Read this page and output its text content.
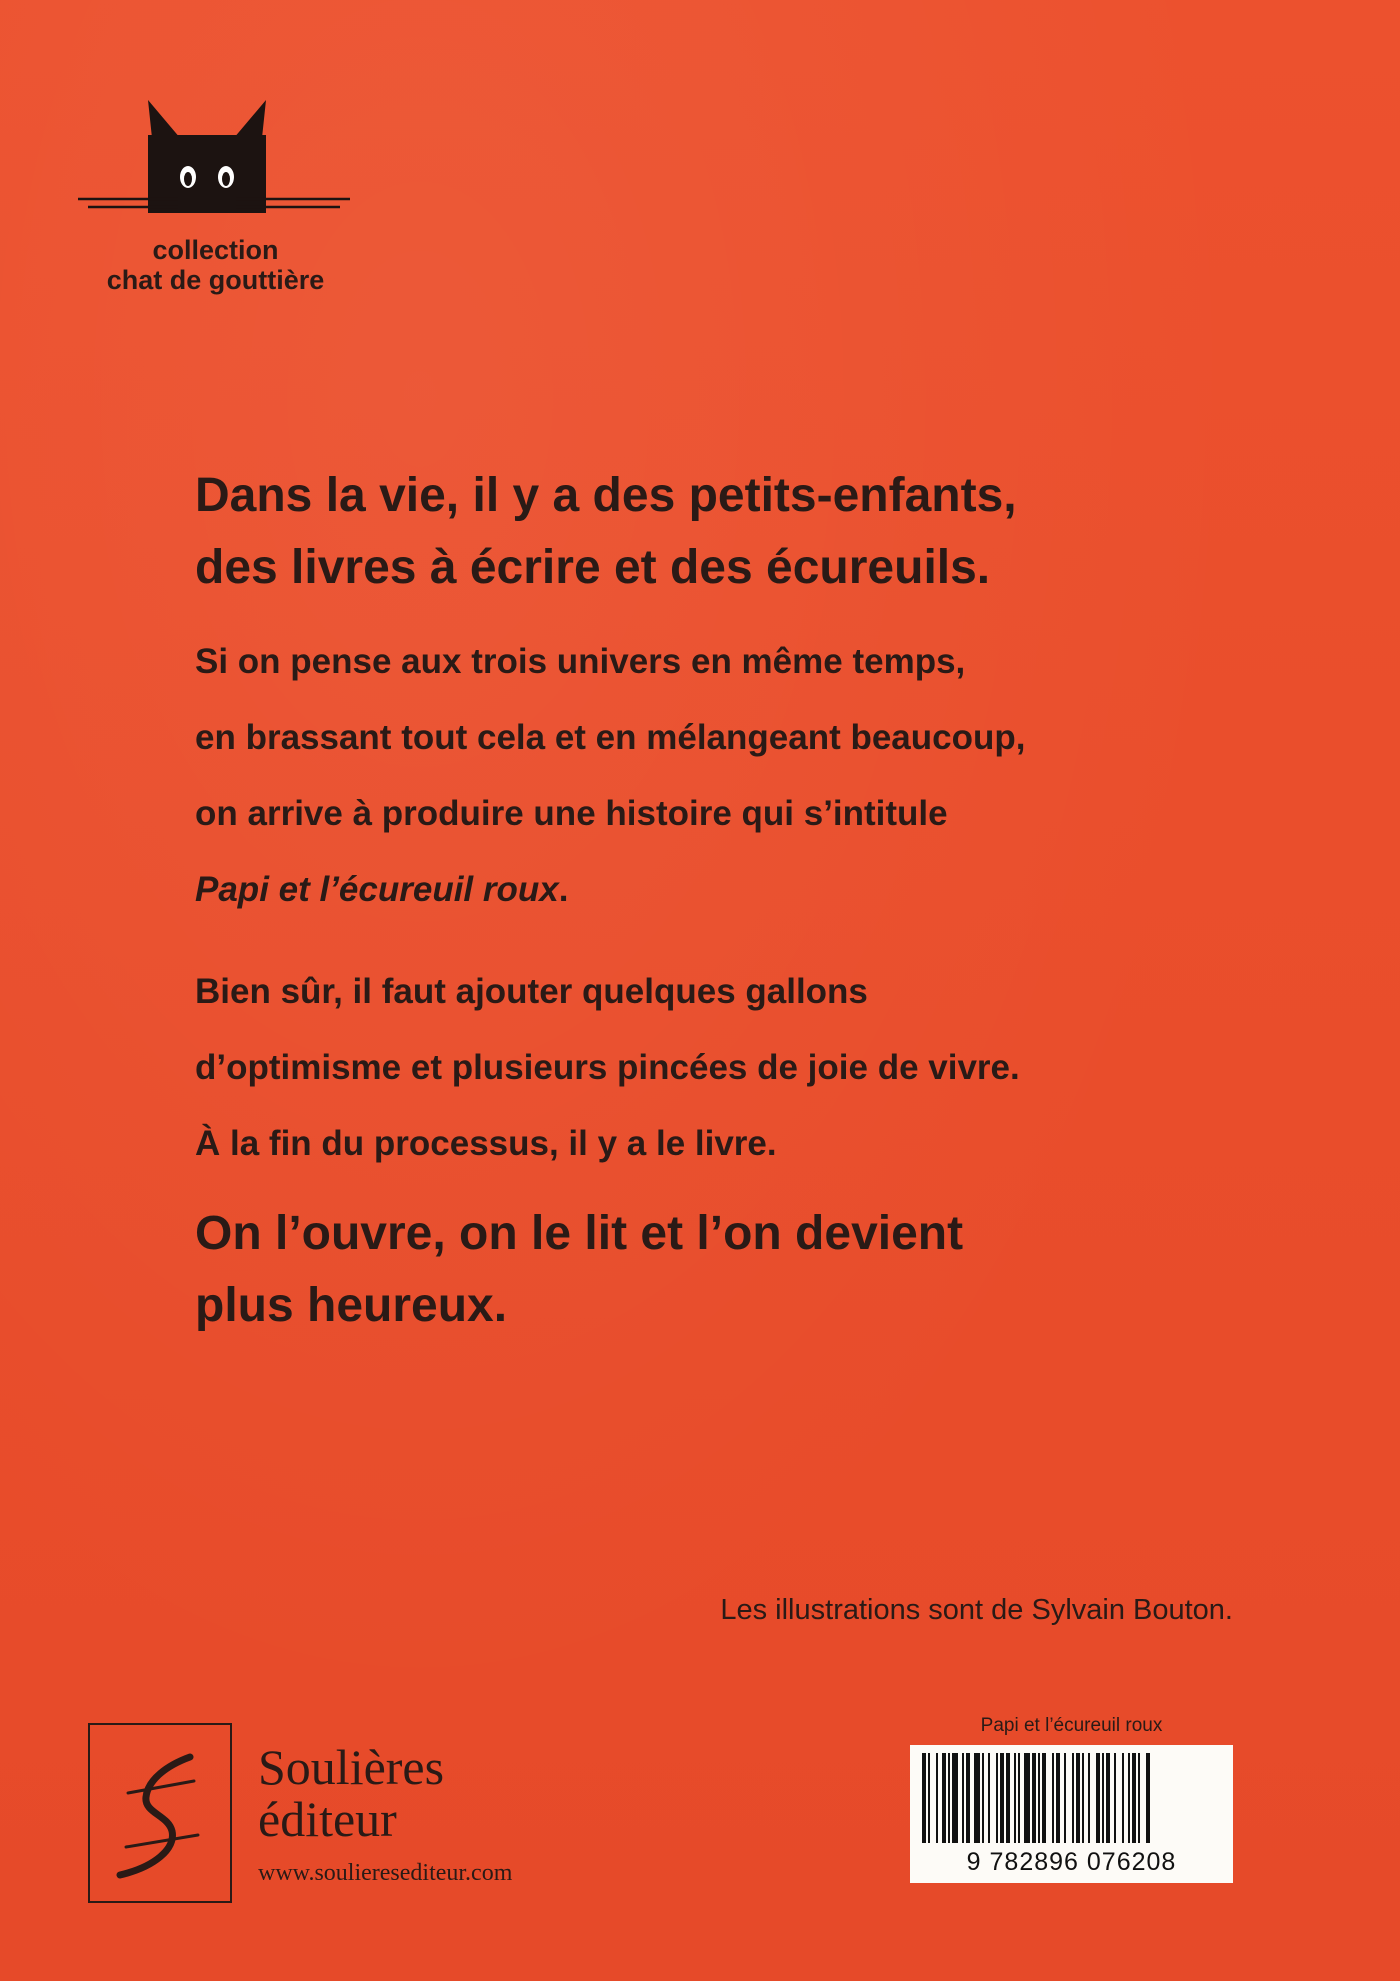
collection
chat de gouttière

Dans la vie, il y a des petits-enfants,
des livres à écrire et des écureuils.

Si on pense aux trois univers en même temps,
en brassant tout cela et en mélangeant beaucoup,
on arrive à produire une histoire qui s’intitule
Papi et l’écureuil roux.

Bien sûr, il faut ajouter quelques gallons
d’optimisme et plusieurs pincées de joie de vivre.
À la fin du processus, il y a le livre.

On l’ouvre, on le lit et l’on devient
plus heureux.

Les illustrations sont de Sylvain Bouton.
Soulières
éditeur
www.soulieresediteur.com
Papi et l’écureuil roux
9 782896 076208
